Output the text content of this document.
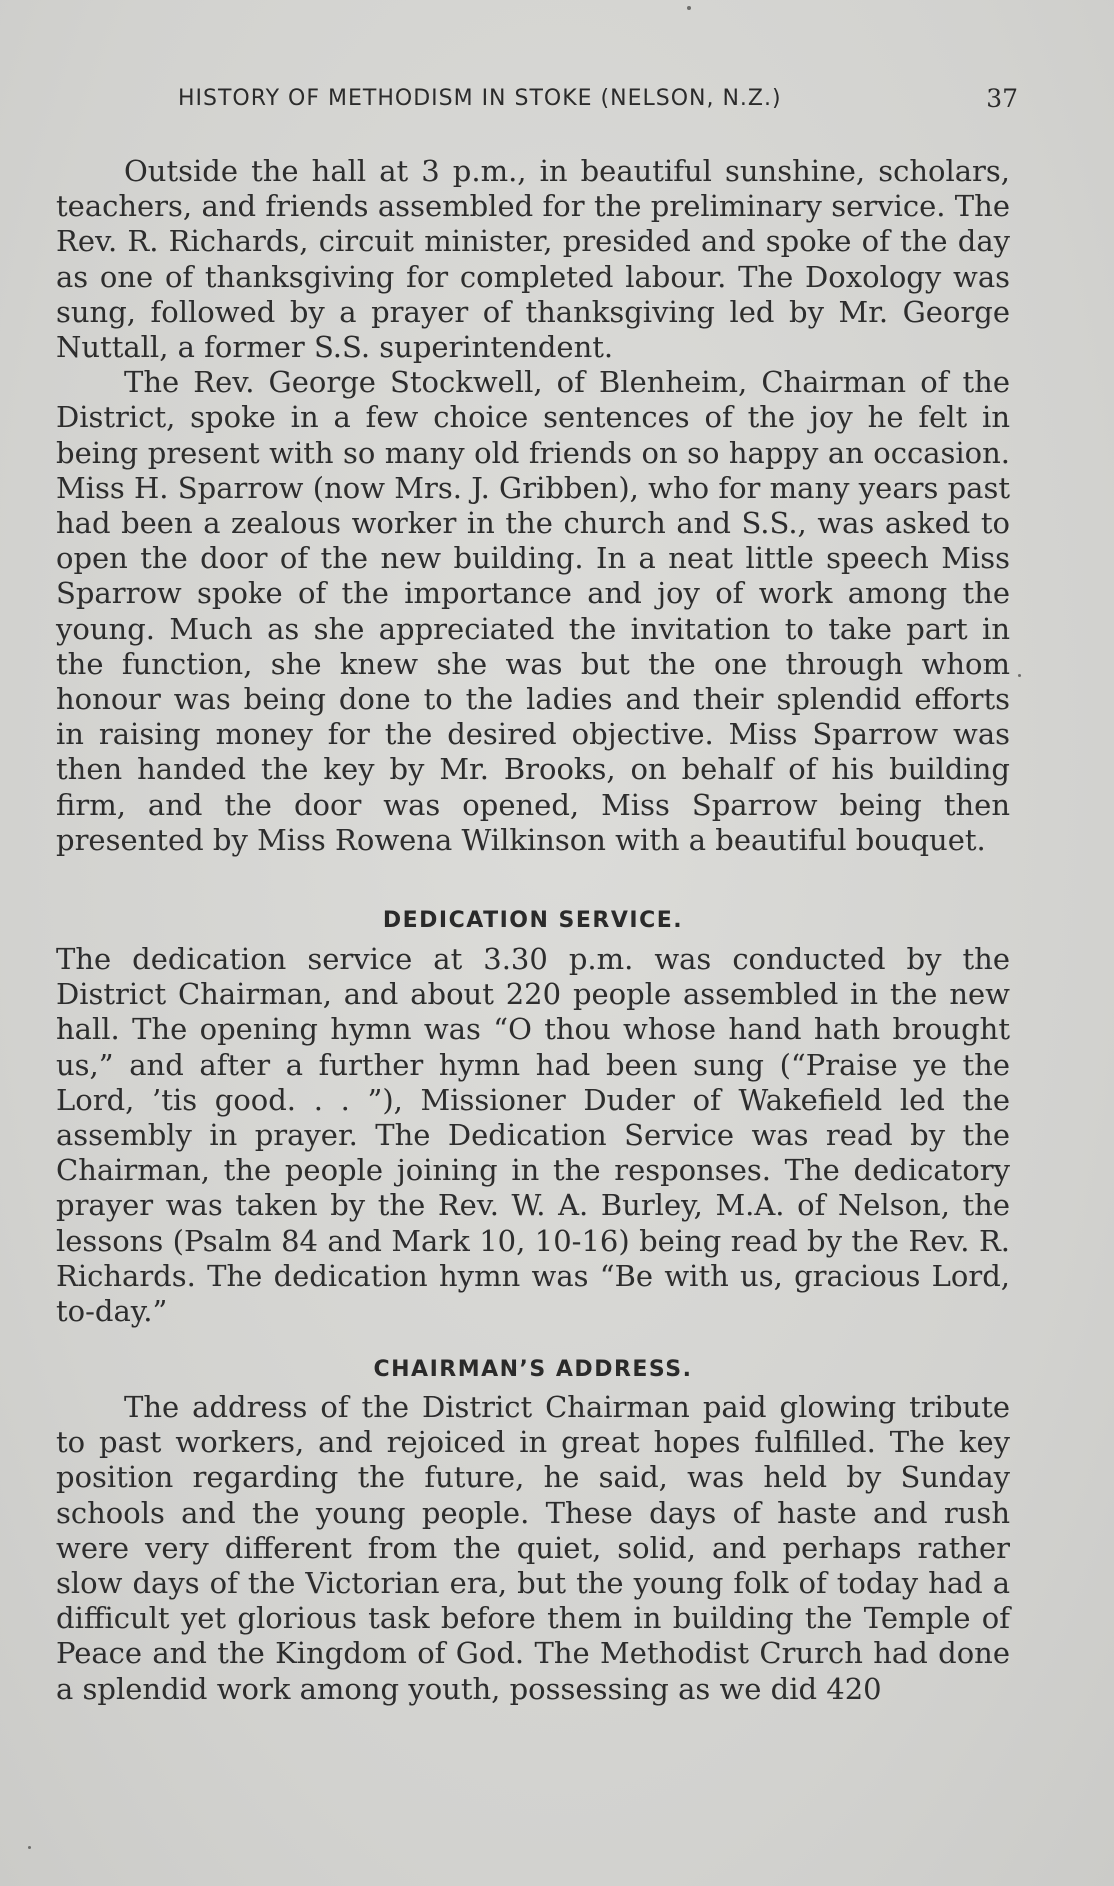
HISTORY OF METHODISM IN STOKE (NELSON, N.Z.)	37

Outside the hall at 3 p.m., in beautiful sunshine, scholars, teachers, and friends assembled for the preliminary service. The Rev. R. Richards, circuit minister, presided and spoke of the day as one of thanksgiving for completed labour. The Doxology was sung, followed by a prayer of thanksgiving led by Mr. George Nuttall, a former S.S. superintendent.

The Rev. George Stockwell, of Blenheim, Chairman of the District, spoke in a few choice sentences of the joy he felt in being present with so many old friends on so happy an occasion. Miss H. Sparrow (now Mrs. J. Gribben), who for many years past had been a zealous worker in the church and S.S., was asked to open the door of the new building. In a neat little speech Miss Sparrow spoke of the importance and joy of work among the young. Much as she appreciated the invitation to take part in the function, she knew she was but the one through whom honour was being done to the ladies and their splendid efforts in raising money for the desired objective. Miss Sparrow was then handed the key by Mr. Brooks, on behalf of his building firm, and the door was opened, Miss Sparrow being then presented by Miss Rowena Wilkinson with a beautiful bouquet.

DEDICATION SERVICE.

The dedication service at 3.30 p.m. was conducted by the District Chairman, and about 220 people assembled in the new hall. The opening hymn was “O thou whose hand hath brought us,” and after a further hymn had been sung (“Praise ye the Lord, ’tis good. . . ”), Missioner Duder of Wakefield led the assembly in prayer. The Dedication Service was read by the Chairman, the people joining in the responses. The dedicatory prayer was taken by the Rev. W. A. Burley, M.A. of Nelson, the lessons (Psalm 84 and Mark 10, 10-16) being read by the Rev. R. Richards. The dedication hymn was “Be with us, gracious Lord, to-day.”

CHAIRMAN’S ADDRESS.

The address of the District Chairman paid glowing tribute to past workers, and rejoiced in great hopes fulfilled. The key position regarding the future, he said, was held by Sunday schools and the young people. These days of haste and rush were very different from the quiet, solid, and perhaps rather slow days of the Victorian era, but the young folk of today had a difficult yet glorious task before them in building the Temple of Peace and the Kingdom of God. The Methodist Crurch had done a splendid work among youth, possessing as we did 420
